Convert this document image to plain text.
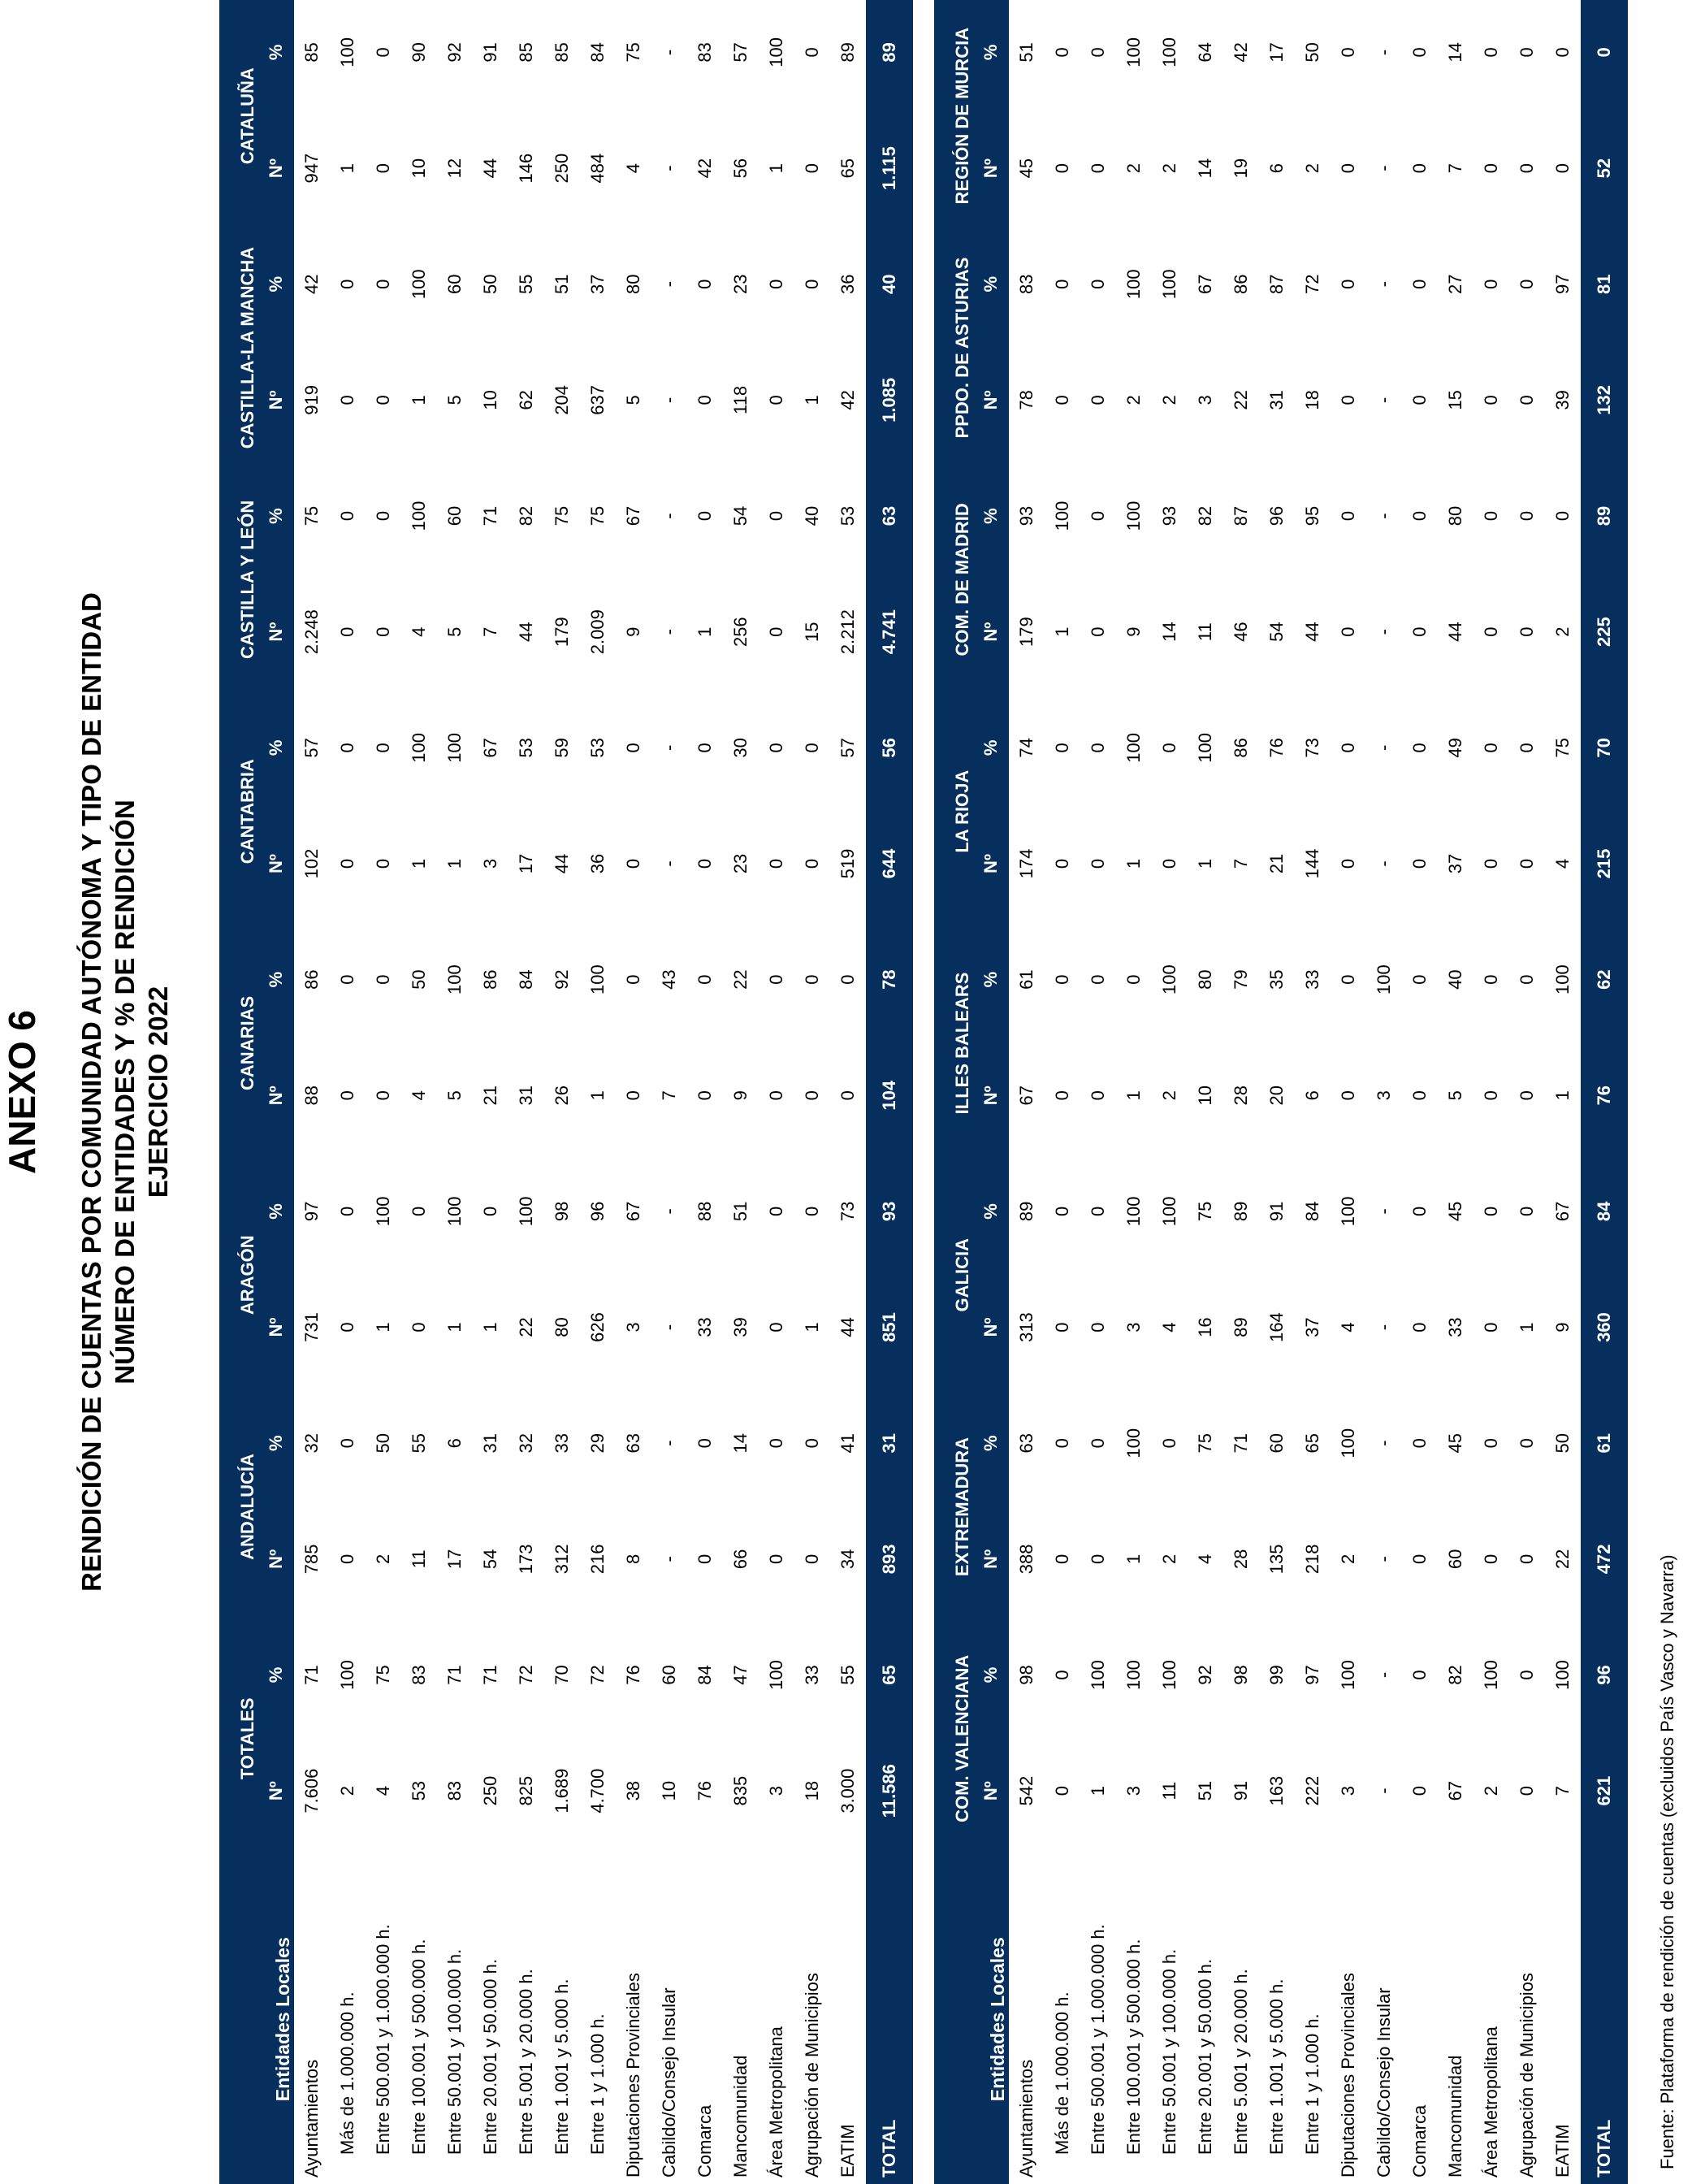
ANEXO 6 RENDICIÓN DE CUENTAS POR COMUNIDAD AUTÓNOMA Y TIPO DE ENTIDAD NÚMERO DE ENTIDADES Y % DE RENDICIÓN EJERCICIO 2022
Entidades Locales	TOTALES		ANDALUCÍA		ARAGÓN		CANARIAS		CANTABRIA		CASTILLA Y LEÓN		CASTILLA-LA MANCHA		CATALUÑA	
	Nº	%	Nº	%	Nº	%	Nº	%	Nº	%	Nº	%	Nº	%	Nº	%
Ayuntamientos	7.606	71	785	32	731	97	88	86	102	57	2.248	75	919	42	947	85
Más de 1.000.000 h.	2	100	0	0	0	0	0	0	0	0	0	0	0	0	1	100
Entre 500.001 y 1.000.000 h.	4	75	2	50	1	100	0	0	0	0	0	0	0	0	0	0
Entre 100.001 y 500.000 h.	53	83	11	55	0	0	4	50	1	100	4	100	1	100	10	90
Entre 50.001 y 100.000 h.	83	71	17	6	1	100	5	100	1	100	5	60	5	60	12	92
Entre 20.001 y 50.000 h.	250	71	54	31	1	0	21	86	3	67	7	71	10	50	44	91
Entre 5.001 y 20.000 h.	825	72	173	32	22	100	31	84	17	53	44	82	62	55	146	85
Entre 1.001 y 5.000 h.	1.689	70	312	33	80	98	26	92	44	59	179	75	204	51	250	85
Entre 1 y 1.000 h.	4.700	72	216	29	626	96	1	100	36	53	2.009	75	637	37	484	84
Diputaciones Provinciales	38	76	8	63	3	67	0	0	0	0	9	67	5	80	4	75
Cabildo/Consejo Insular	10	60	-	-	-	-	7	43	-	-	-	-	-	-	-	-
Comarca	76	84	0	0	33	88	0	0	0	0	1	0	0	0	42	83
Mancomunidad	835	47	66	14	39	51	9	22	23	30	256	54	118	23	56	57
Área Metropolitana	3	100	0	0	0	0	0	0	0	0	0	0	0	0	1	100
Agrupación de Municipios	18	33	0	0	1	0	0	0	0	0	15	40	1	0	0	0
EATIM	3.000	55	34	41	44	73	0	0	519	57	2.212	53	42	36	65	89
TOTAL	11.586	65	893	31	851	93	104	78	644	56	4.741	63	1.085	40	1.115	89
Entidades Locales	COM. VALENCIANA		EXTREMADURA		GALICIA		ILLES BALEARS		LA RIOJA		COM. DE MADRID		PPDO. DE ASTURIAS		REGIÓN DE MURCIA	
	Nº	%	Nº	%	Nº	%	Nº	%	Nº	%	Nº	%	Nº	%	Nº	%
Ayuntamientos	542	98	388	63	313	89	67	61	174	74	179	93	78	83	45	51
Más de 1.000.000 h.	0	0	0	0	0	0	0	0	0	0	1	100	0	0	0	0
Entre 500.001 y 1.000.000 h.	1	100	0	0	0	0	0	0	0	0	0	0	0	0	0	0
Entre 100.001 y 500.000 h.	3	100	1	100	3	100	1	0	1	100	9	100	2	100	2	100
Entre 50.001 y 100.000 h.	11	100	2	0	4	100	2	100	0	0	14	93	2	100	2	100
Entre 20.001 y 50.000 h.	51	92	4	75	16	75	10	80	1	100	11	82	3	67	14	64
Entre 5.001 y 20.000 h.	91	98	28	71	89	89	28	79	7	86	46	87	22	86	19	42
Entre 1.001 y 5.000 h.	163	99	135	60	164	91	20	35	21	76	54	96	31	87	6	17
Entre 1 y 1.000 h.	222	97	218	65	37	84	6	33	144	73	44	95	18	72	2	50
Diputaciones Provinciales	3	100	2	100	4	100	0	0	0	0	0	0	0	0	0	0
Cabildo/Consejo Insular	-	-	-	-	-	-	3	100	-	-	-	-	-	-	-	-
Comarca	0	0	0	0	0	0	0	0	0	0	0	0	0	0	0	0
Mancomunidad	67	82	60	45	33	45	5	40	37	49	44	80	15	27	7	14
Área Metropolitana	2	100	0	0	0	0	0	0	0	0	0	0	0	0	0	0
Agrupación de Municipios	0	0	0	0	1	0	0	0	0	0	0	0	0	0	0	0
EATIM	7	100	22	50	9	67	1	100	4	75	2	0	39	97	0	0
TOTAL	621	96	472	61	360	84	76	62	215	70	225	89	132	81	52	0
Fuente: Plataforma de rendición de cuentas (excluidos País Vasco y Navarra)
